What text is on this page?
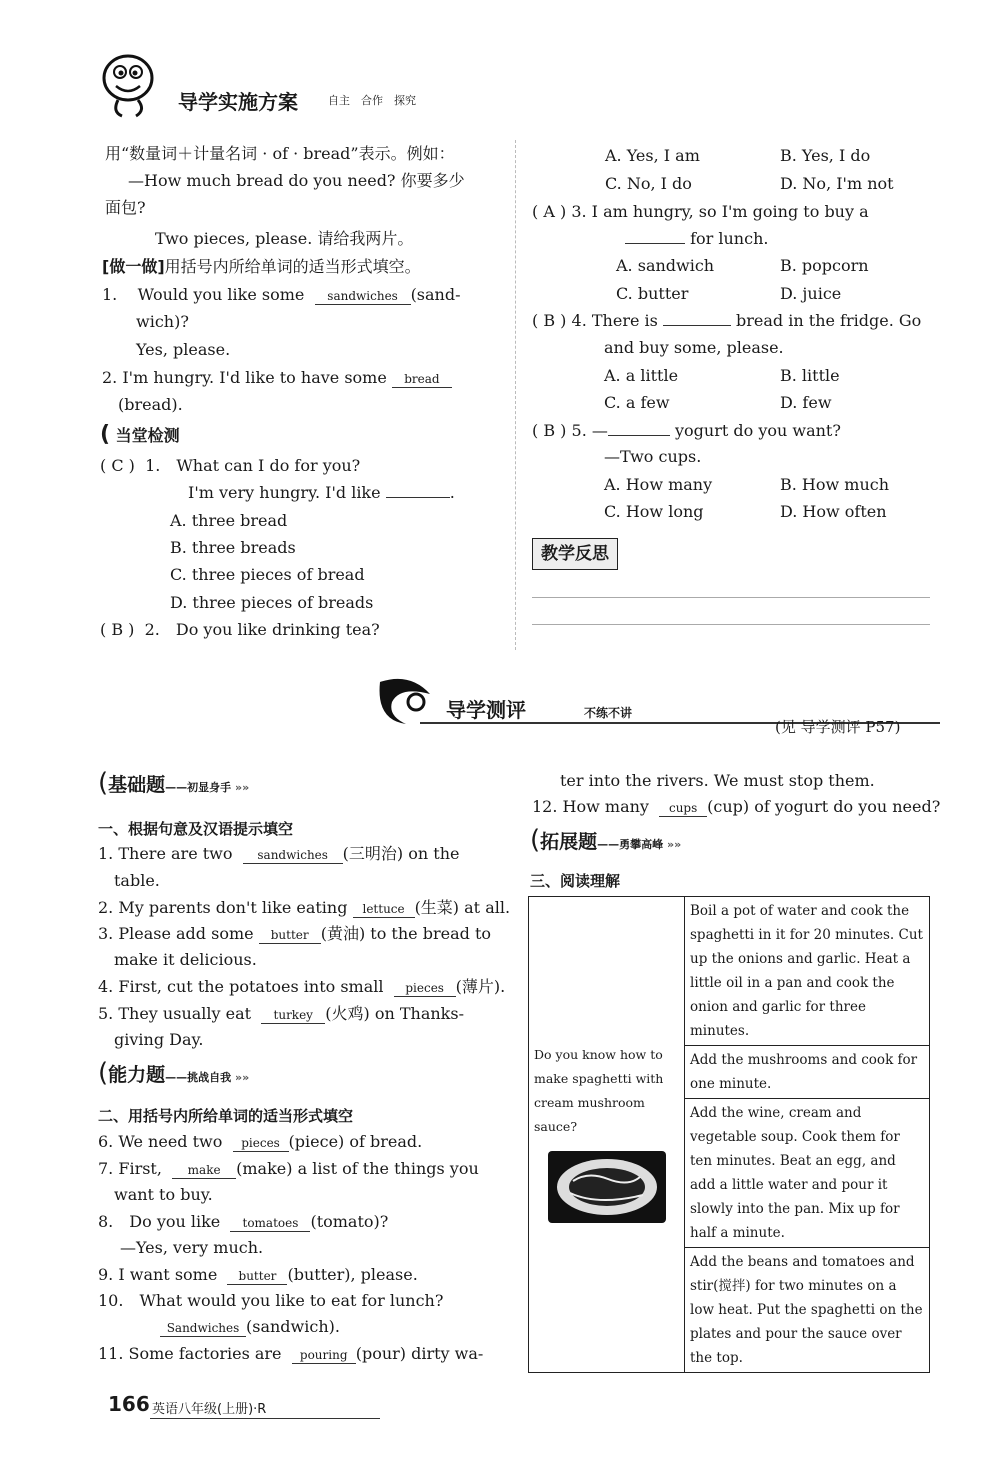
导学实施方案	自主　合作　探究
用“数量词＋计量名词 · of · bread”表示。例如：
—How much bread do you need? 你要多少
面包?
Two pieces, please. 请给我两片。
[做一做]用括号内所给单词的适当形式填空。
1. Would you like some sandwiches (sand-
wich)?
Yes, please.
2. I'm hungry. I'd like to have some bread
(bread).
( 当堂检测
( C ) 1.　What can I do for you?
I'm very hungry. I'd like	.
A. three bread
B. three breads
C. three pieces of bread
D. three pieces of breads
( B ) 2.　Do you like drinking tea?
A. Yes, I am	B. Yes, I do
C. No, I do	D. No, I'm not
( A ) 3. I am hungry, so I'm going to buy a
for lunch.
A. sandwich	B. popcorn
C. butter	D. juice
( B ) 4. There is	bread in the fridge. Go
and buy some, please.
A. a little	B. little
C. a few	D. few
( B ) 5. —	yogurt do you want?
—Two cups.
A. How many	B. How much
C. How long	D. How often
教学反思
导学测评	不练不讲
(见 导学测评 P57)
(基础题——初显身手 »»
一、根据句意及汉语提示填空
1. There are two sandwiches (三明治) on the
table.
2. My parents don't like eating lettuce (生菜) at all.
3. Please add some butter (黄油) to the bread to
make it delicious.
4. First, cut the potatoes into small pieces (薄片).
5. They usually eat turkey (火鸡) on Thanks-
giving Day.
(能力题——挑战自我 »»
二、用括号内所给单词的适当形式填空
6. We need two pieces (piece) of bread.
7. First, make (make) a list of the things you
want to buy.
8.　Do you like tomatoes (tomato)?
—Yes, very much.
9. I want some butter (butter), please.
10.　What would you like to eat for lunch?
Sandwiches (sandwich).
11. Some factories are pouring (pour) dirty wa-
ter into the rivers. We must stop them.
12. How many cups (cup) of yogurt do you need?
(拓展题——勇攀高峰 »»
三、阅读理解
Do you know how to make spaghetti with cream mushroom sauce?
	Boil a pot of water and cook the spaghetti in it for 20 minutes. Cut up the onions and garlic. Heat a little oil in a pan and cook the onion and garlic for three minutes.
Add the mushrooms and cook for one minute.
Add the wine, cream and vegetable soup. Cook them for ten minutes. Beat an egg, and add a little water and pour it slowly into the pan. Mix up for half a minute.
Add the beans and tomatoes and stir(搅拌) for two minutes on a low heat. Put the spaghetti on the plates and pour the sauce over the top.
166 英语八年级(上册)·R
